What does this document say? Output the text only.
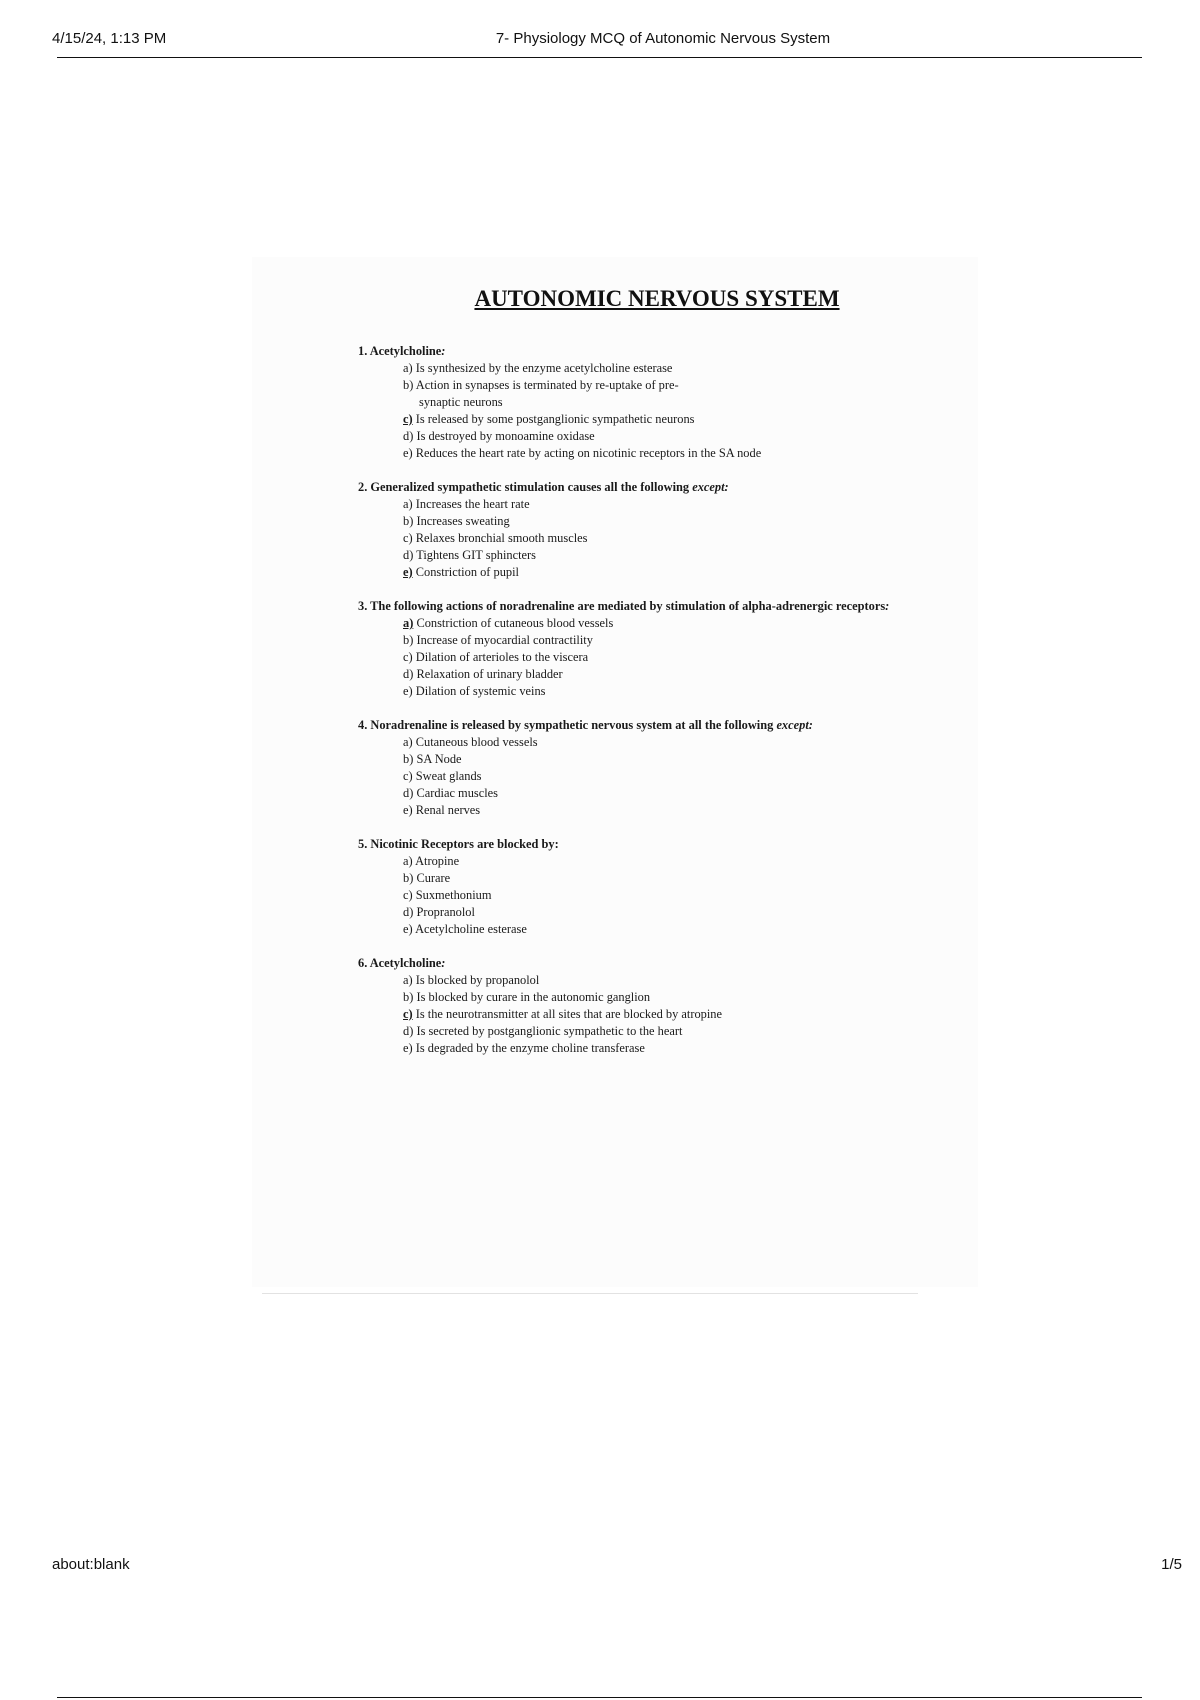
4/15/24, 1:13 PM	7- Physiology MCQ of Autonomic Nervous System
AUTONOMIC NERVOUS SYSTEM
1. Acetylcholine:
a) Is synthesized by the enzyme acetylcholine esterase
b) Action in synapses is terminated by re-uptake of pre-
synaptic neurons
c) Is released by some postganglionic sympathetic neurons
d) Is destroyed by monoamine oxidase
e) Reduces the heart rate by acting on nicotinic receptors in the SA node
2. Generalized sympathetic stimulation causes all the following except:
a) Increases the heart rate
b) Increases sweating
c) Relaxes bronchial smooth muscles
d) Tightens GIT sphincters
e) Constriction of pupil
3. The following actions of noradrenaline are mediated by stimulation of alpha-adrenergic receptors:
a) Constriction of cutaneous blood vessels
b) Increase of myocardial contractility
c) Dilation of arterioles to the viscera
d) Relaxation of urinary bladder
e) Dilation of systemic veins
4. Noradrenaline is released by sympathetic nervous system at all the following except:
a) Cutaneous blood vessels
b) SA Node
c) Sweat glands
d) Cardiac muscles
e) Renal nerves
5. Nicotinic Receptors are blocked by:
a) Atropine
b) Curare
c) Suxmethonium
d) Propranolol
e) Acetylcholine esterase
6. Acetylcholine:
a) Is blocked by propanolol
b) Is blocked by curare in the autonomic ganglion
c) Is the neurotransmitter at all sites that are blocked by atropine
d) Is secreted by postganglionic sympathetic to the heart
e) Is degraded by the enzyme choline transferase
about:blank	1/5
